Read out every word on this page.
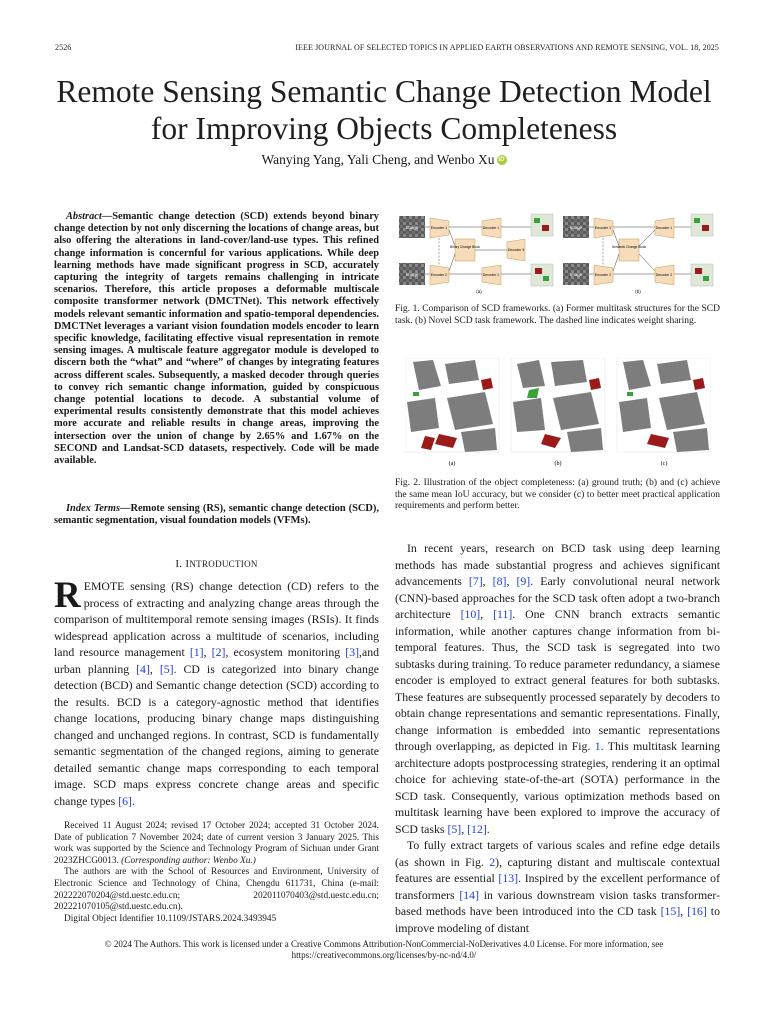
2526	IEEE JOURNAL OF SELECTED TOPICS IN APPLIED EARTH OBSERVATIONS AND REMOTE SENSING, VOL. 18, 2025
Remote Sensing Semantic Change Detection Model
for Improving Objects Completeness
Wanying Yang, Yali Cheng, and Wenbo Xu iD
Abstract—Semantic change detection (SCD) extends beyond binary change detection by not only discerning the locations of change areas, but also offering the alterations in land-cover/land-use types. This refined change information is concernful for various applications. While deep learning methods have made significant progress in SCD, accurately capturing the integrity of targets remains challenging in intricate scenarios. Therefore, this article proposes a deformable multiscale composite transformer network (DMCTNet). This network effectively models relevant semantic information and spatio-temporal dependencies. DMCTNet leverages a variant vision foundation models encoder to learn specific knowledge, facilitating effective visual representation in remote sensing images. A multiscale feature aggregator module is developed to discern both the “what” and “where” of changes by integrating features across different scales. Subsequently, a masked decoder through queries to convey rich semantic change information, guided by conspicuous change potential locations to decode. A substantial volume of experimental results consistently demonstrate that this model achieves more accurate and reliable results in change areas, improving the intersection over the union of change by 2.65% and 1.67% on the SECOND and Landsat-SCD datasets, respectively. Code will be made available.
Index Terms—Remote sensing (RS), semantic change detection (SCD), semantic segmentation, visual foundation models (VFMs).
I. INTRODUCTION
REMOTE sensing (RS) change detection (CD) refers to the process of extracting and analyzing change areas through the comparison of multitemporal remote sensing images (RSIs). It finds widespread application across a multitude of scenarios, including land resource management [1], [2], ecosystem monitoring [3],and urban planning [4], [5]. CD is categorized into binary change detection (BCD) and Semantic change detection (SCD) according to the results. BCD is a category-agnostic method that identifies change locations, producing binary change maps distinguishing changed and unchanged regions. In contrast, SCD is fundamentally semantic segmentation of the changed regions, aiming to generate detailed semantic change maps corresponding to each temporal image. SCD maps express concrete change areas and specific change types [6].

Received 11 August 2024; revised 17 October 2024; accepted 31 October 2024. Date of publication 7 November 2024; date of current version 3 January 2025. This work was supported by the Science and Technology Program of Sichuan under Grant 2023ZHCG0013. (Corresponding author: Wenbo Xu.)

The authors are with the School of Resources and Environment, University of Electronic Science and Technology of China, Chengdu 611731, China (e-mail: 202222070204@std.uestc.edu.cn; 202011070403@std.uestc.edu.cn; 202221070105@std.uestc.edu.cn).

Digital Object Identifier 10.1109/JSTARS.2024.3493945

Image
Image
Encoder 1
Encoder 2
Binary Change Block
Decoder 1
Decoder 2
Decoder 3
(a)
Image
Image
Encoder 1
Encoder 2
Semantic Change Block
Decoder 1
Decoder 2
(b)
Fig. 1. Comparison of SCD frameworks. (a) Former multitask structures for the SCD task. (b) Novel SCD task framework. The dashed line indicates weight sharing.
(a)	(b)	(c)
Fig. 2. Illustration of the object completeness: (a) ground truth; (b) and (c) achieve the same mean IoU accuracy, but we consider (c) to better meet practical application requirements and perform better.

In recent years, research on BCD task using deep learning methods has made substantial progress and achieves significant advancements [7], [8], [9]. Early convolutional neural network (CNN)-based approaches for the SCD task often adopt a two-branch architecture [10], [11]. One CNN branch extracts semantic information, while another captures change information from bi-temporal features. Thus, the SCD task is segregated into two subtasks during training. To reduce parameter redundancy, a siamese encoder is employed to extract general features for both subtasks. These features are subsequently processed separately by decoders to obtain change representations and semantic representations. Finally, change information is embedded into semantic representations through overlapping, as depicted in Fig. 1. This multitask learning architecture adopts postprocessing strategies, rendering it an optimal choice for achieving state-of-the-art (SOTA) performance in the SCD task. Consequently, various optimization methods based on multitask learning have been explored to improve the accuracy of SCD tasks [5], [12].

To fully extract targets of various scales and refine edge details (as shown in Fig. 2), capturing distant and multiscale contextual features are essential [13]. Inspired by the excellent performance of transformers [14] in various downstream vision tasks transformer-based methods have been introduced into the CD task [15], [16] to improve modeling of distant

© 2024 The Authors. This work is licensed under a Creative Commons Attribution-NonCommercial-NoDerivatives 4.0 License. For more information, see
https://creativecommons.org/licenses/by-nc-nd/4.0/
